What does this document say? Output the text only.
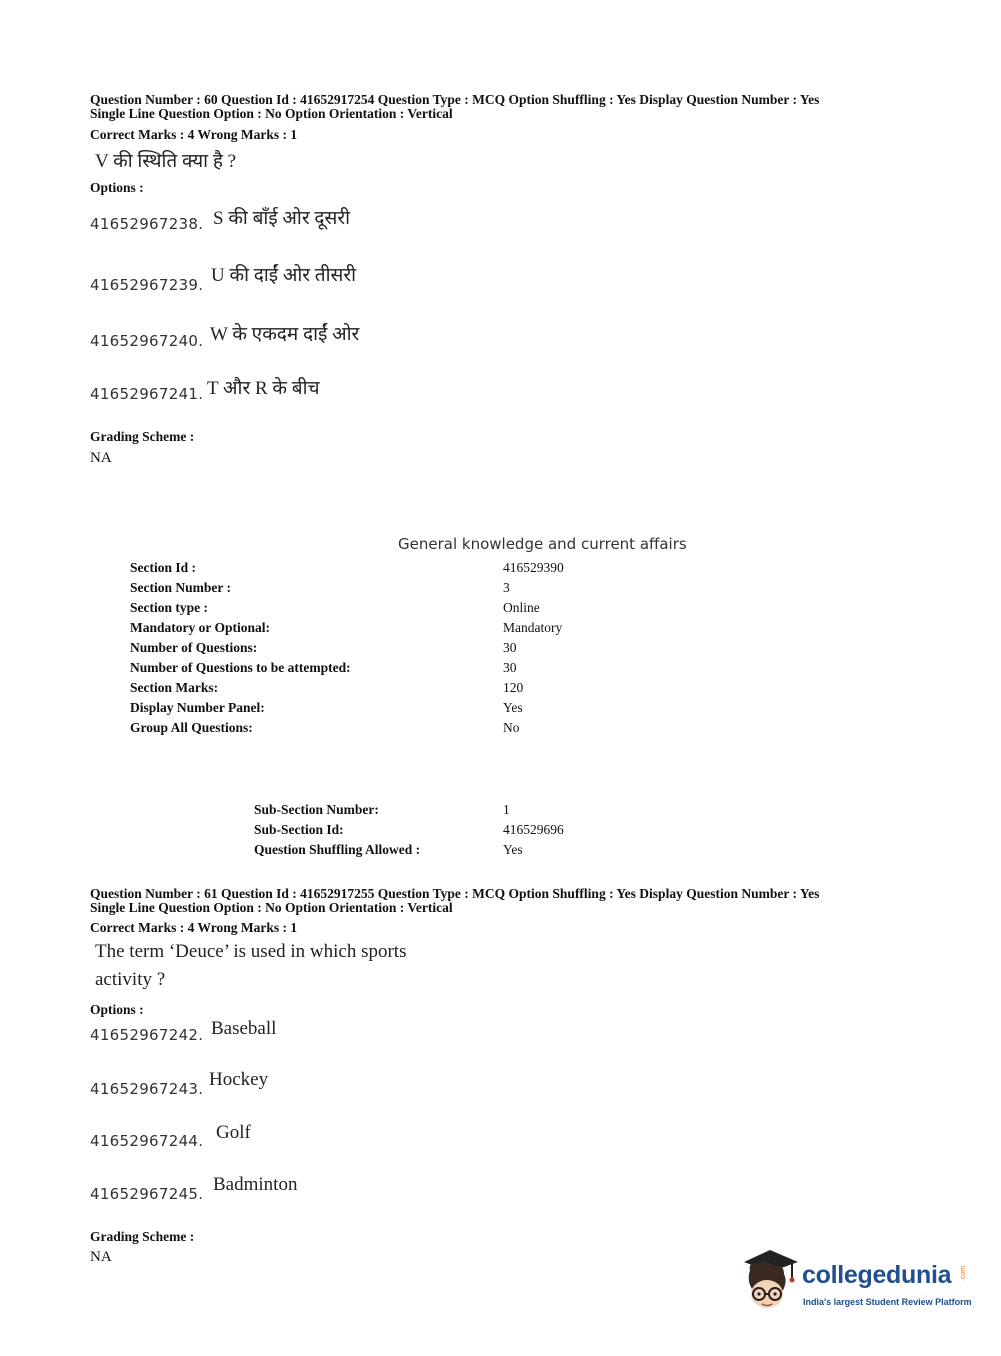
Question Number : 60 Question Id : 41652917254 Question Type : MCQ Option Shuffling : Yes Display Question Number : Yes
Single Line Question Option : No Option Orientation : Vertical
Correct Marks : 4 Wrong Marks : 1
V की स्थिति क्या है ?
Options :
41652967238. S की बाँई ओर दूसरी
41652967239. U की दाईं ओर तीसरी
41652967240. W के एकदम दाईं ओर
41652967241. T और R के बीच
Grading Scheme :
NA
General knowledge and current affairs
Section Id :	416529390
Section Number :	3
Section type :	Online
Mandatory or Optional:	Mandatory
Number of Questions:	30
Number of Questions to be attempted:	30
Section Marks:	120
Display Number Panel:	Yes
Group All Questions:	No
Sub-Section Number:	1
Sub-Section Id:	416529696
Question Shuffling Allowed :	Yes
Question Number : 61 Question Id : 41652917255 Question Type : MCQ Option Shuffling : Yes Display Question Number : Yes
Single Line Question Option : No Option Orientation : Vertical
Correct Marks : 4 Wrong Marks : 1
The term ‘Deuce’ is used in which sports
activity ?
Options :
41652967242. Baseball
41652967243. Hockey
41652967244. Golf
41652967245. Badminton
Grading Scheme :
NA
collegedunia .com
India's largest Student Review Platform
